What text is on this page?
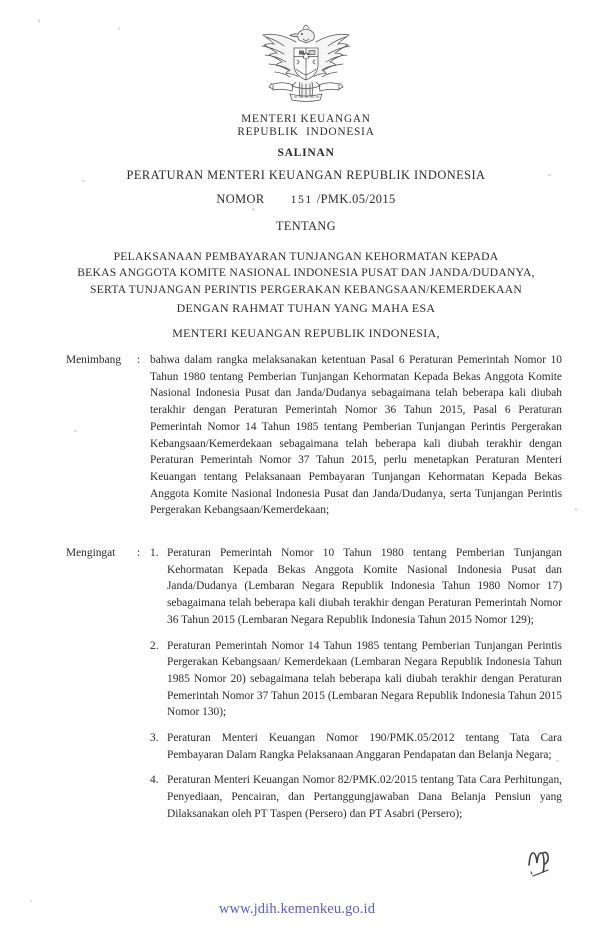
MENTERI KEUANGAN
REPUBLIK  INDONESIA
SALINAN
PERATURAN MENTERI KEUANGAN REPUBLIK INDONESIA
NOMOR 151 /PMK.05/2015
TENTANG
PELAKSANAAN PEMBAYARAN TUNJANGAN KEHORMATAN KEPADA
BEKAS ANGGOTA KOMITE NASIONAL INDONESIA PUSAT DAN JANDA/DUDANYA,
SERTA TUNJANGAN PERINTIS PERGERAKAN KEBANGSAAN/KEMERDEKAAN
DENGAN RAHMAT TUHAN YANG MAHA ESA
MENTERI KEUANGAN REPUBLIK INDONESIA,
Menimbang	: bahwa dalam rangka melaksanakan ketentuan Pasal 6 Peraturan Pemerintah Nomor 10 Tahun 1980 tentang Pemberian Tunjangan Kehormatan Kepada Bekas Anggota Komite Nasional Indonesia Pusat dan Janda/Dudanya sebagaimana telah beberapa kali diubah terakhir dengan Peraturan Pemerintah Nomor 36 Tahun 2015, Pasal 6 Peraturan Pemerintah Nomor 14 Tahun 1985 tentang Pemberian Tunjangan Perintis Pergerakan Kebangsaan/Kemerdekaan sebagaimana telah beberapa kali diubah terakhir dengan Peraturan Pemerintah Nomor 37 Tahun 2015, perlu menetapkan Peraturan Menteri Keuangan tentang Pelaksanaan Pembayaran Tunjangan Kehormatan Kepada Bekas Anggota Komite Nasional Indonesia Pusat dan Janda/Dudanya, serta Tunjangan Perintis Pergerakan Kebangsaan/Kemerdekaan;

Mengingat	: 1. Peraturan Pemerintah Nomor 10 Tahun 1980 tentang Pemberian Tunjangan Kehormatan Kepada Bekas Anggota Komite Nasional Indonesia Pusat dan Janda/Dudanya (Lembaran Negara Republik Indonesia Tahun 1980 Nomor 17) sebagaimana telah beberapa kali diubah terakhir dengan Peraturan Pemerintah Nomor 36 Tahun 2015 (Lembaran Negara Republik Indonesia Tahun 2015 Nomor 129);
2. Peraturan Pemerintah Nomor 14 Tahun 1985 tentang Pemberian Tunjangan Perintis Pergerakan Kebangsaan/ Kemerdekaan (Lembaran Negara Republik Indonesia Tahun 1985 Nomor 20) sebagaimana telah beberapa kali diubah terakhir dengan Peraturan Pemerintah Nomor 37 Tahun 2015 (Lembaran Negara Republik Indonesia Tahun 2015 Nomor 130);
3. Peraturan Menteri Keuangan Nomor 190/PMK.05/2012 tentang Tata Cara Pembayaran Dalam Rangka Pelaksanaan Anggaran Pendapatan dan Belanja Negara;
4. Peraturan Menteri Keuangan Nomor 82/PMK.02/2015 tentang Tata Cara Perhitungan, Penyediaan, Pencairan, dan Pertanggungjawaban Dana Belanja Pensiun yang Dilaksanakan oleh PT Taspen (Persero) dan PT Asabri (Persero);
www.jdih.kemenkeu.go.id
